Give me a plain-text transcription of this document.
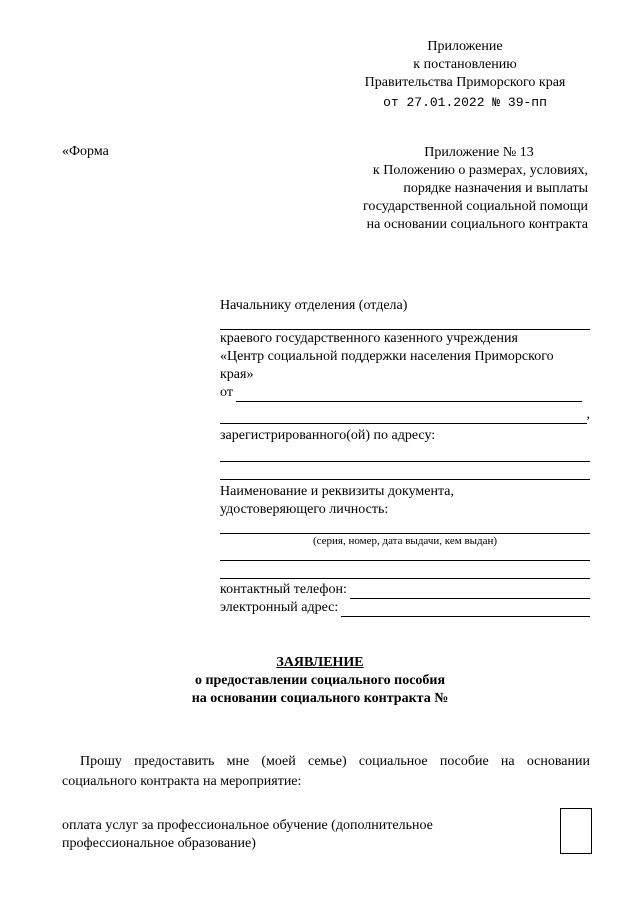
Приложение
к постановлению
Правительства Приморского края
от 27.01.2022 № 39-пп
«Форма	Приложение № 13
к Положению о размерах, условиях,
порядке назначения и выплаты
государственной социальной помощи
на основании социального контракта
Начальнику отделения (отдела)
краевого государственного казенного учреждения
«Центр социальной поддержки населения Приморского
края»
от
,
зарегистрированного(ой) по адресу:
Наименование и реквизиты документа,
удостоверяющего личность:
(серия, номер, дата выдачи, кем выдан)
контактный телефон:
электронный адрес:
ЗАЯВЛЕНИЕ
о предоставлении социального пособия
на основании социального контракта №
Прошу предоставить мне (моей семье) социальное пособие на основании социального контракта на мероприятие:
оплата услуг за профессиональное обучение (дополнительное
профессиональное образование)
